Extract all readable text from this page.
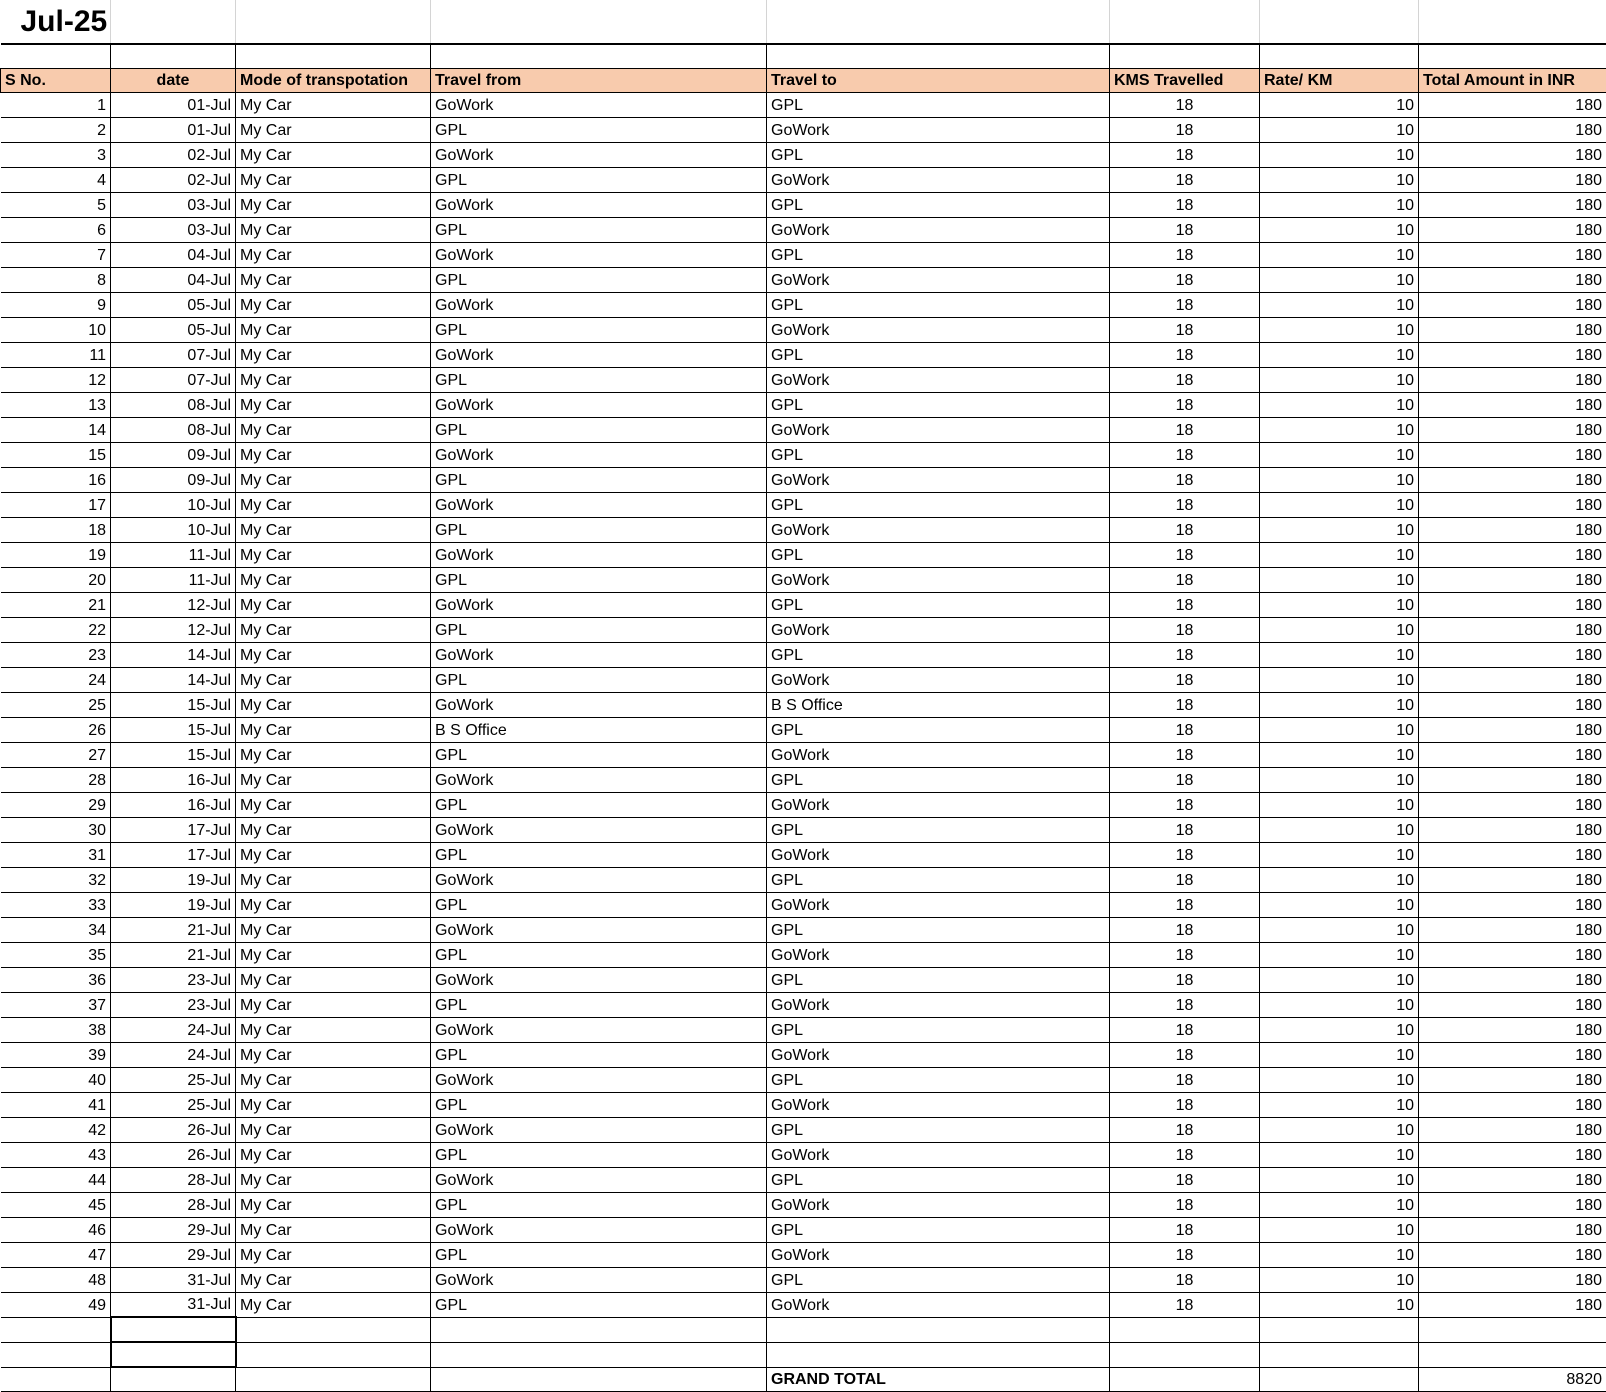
Jul-25							

S No.	date	Mode of transpotation	Travel from	Travel to	KMS Travelled	Rate/ KM	Total Amount in INR
1	01-Jul	My Car	GoWork	GPL	18	10	180
2	01-Jul	My Car	GPL	GoWork	18	10	180
3	02-Jul	My Car	GoWork	GPL	18	10	180
4	02-Jul	My Car	GPL	GoWork	18	10	180
5	03-Jul	My Car	GoWork	GPL	18	10	180
6	03-Jul	My Car	GPL	GoWork	18	10	180
7	04-Jul	My Car	GoWork	GPL	18	10	180
8	04-Jul	My Car	GPL	GoWork	18	10	180
9	05-Jul	My Car	GoWork	GPL	18	10	180
10	05-Jul	My Car	GPL	GoWork	18	10	180
11	07-Jul	My Car	GoWork	GPL	18	10	180
12	07-Jul	My Car	GPL	GoWork	18	10	180
13	08-Jul	My Car	GoWork	GPL	18	10	180
14	08-Jul	My Car	GPL	GoWork	18	10	180
15	09-Jul	My Car	GoWork	GPL	18	10	180
16	09-Jul	My Car	GPL	GoWork	18	10	180
17	10-Jul	My Car	GoWork	GPL	18	10	180
18	10-Jul	My Car	GPL	GoWork	18	10	180
19	11-Jul	My Car	GoWork	GPL	18	10	180
20	11-Jul	My Car	GPL	GoWork	18	10	180
21	12-Jul	My Car	GoWork	GPL	18	10	180
22	12-Jul	My Car	GPL	GoWork	18	10	180
23	14-Jul	My Car	GoWork	GPL	18	10	180
24	14-Jul	My Car	GPL	GoWork	18	10	180
25	15-Jul	My Car	GoWork	B S Office	18	10	180
26	15-Jul	My Car	B S Office	GPL	18	10	180
27	15-Jul	My Car	GPL	GoWork	18	10	180
28	16-Jul	My Car	GoWork	GPL	18	10	180
29	16-Jul	My Car	GPL	GoWork	18	10	180
30	17-Jul	My Car	GoWork	GPL	18	10	180
31	17-Jul	My Car	GPL	GoWork	18	10	180
32	19-Jul	My Car	GoWork	GPL	18	10	180
33	19-Jul	My Car	GPL	GoWork	18	10	180
34	21-Jul	My Car	GoWork	GPL	18	10	180
35	21-Jul	My Car	GPL	GoWork	18	10	180
36	23-Jul	My Car	GoWork	GPL	18	10	180
37	23-Jul	My Car	GPL	GoWork	18	10	180
38	24-Jul	My Car	GoWork	GPL	18	10	180
39	24-Jul	My Car	GPL	GoWork	18	10	180
40	25-Jul	My Car	GoWork	GPL	18	10	180
41	25-Jul	My Car	GPL	GoWork	18	10	180
42	26-Jul	My Car	GoWork	GPL	18	10	180
43	26-Jul	My Car	GPL	GoWork	18	10	180
44	28-Jul	My Car	GoWork	GPL	18	10	180
45	28-Jul	My Car	GPL	GoWork	18	10	180
46	29-Jul	My Car	GoWork	GPL	18	10	180
47	29-Jul	My Car	GPL	GoWork	18	10	180
48	31-Jul	My Car	GoWork	GPL	18	10	180
49	31-Jul	My Car	GPL	GoWork	18	10	180

				GRAND TOTAL			8820
